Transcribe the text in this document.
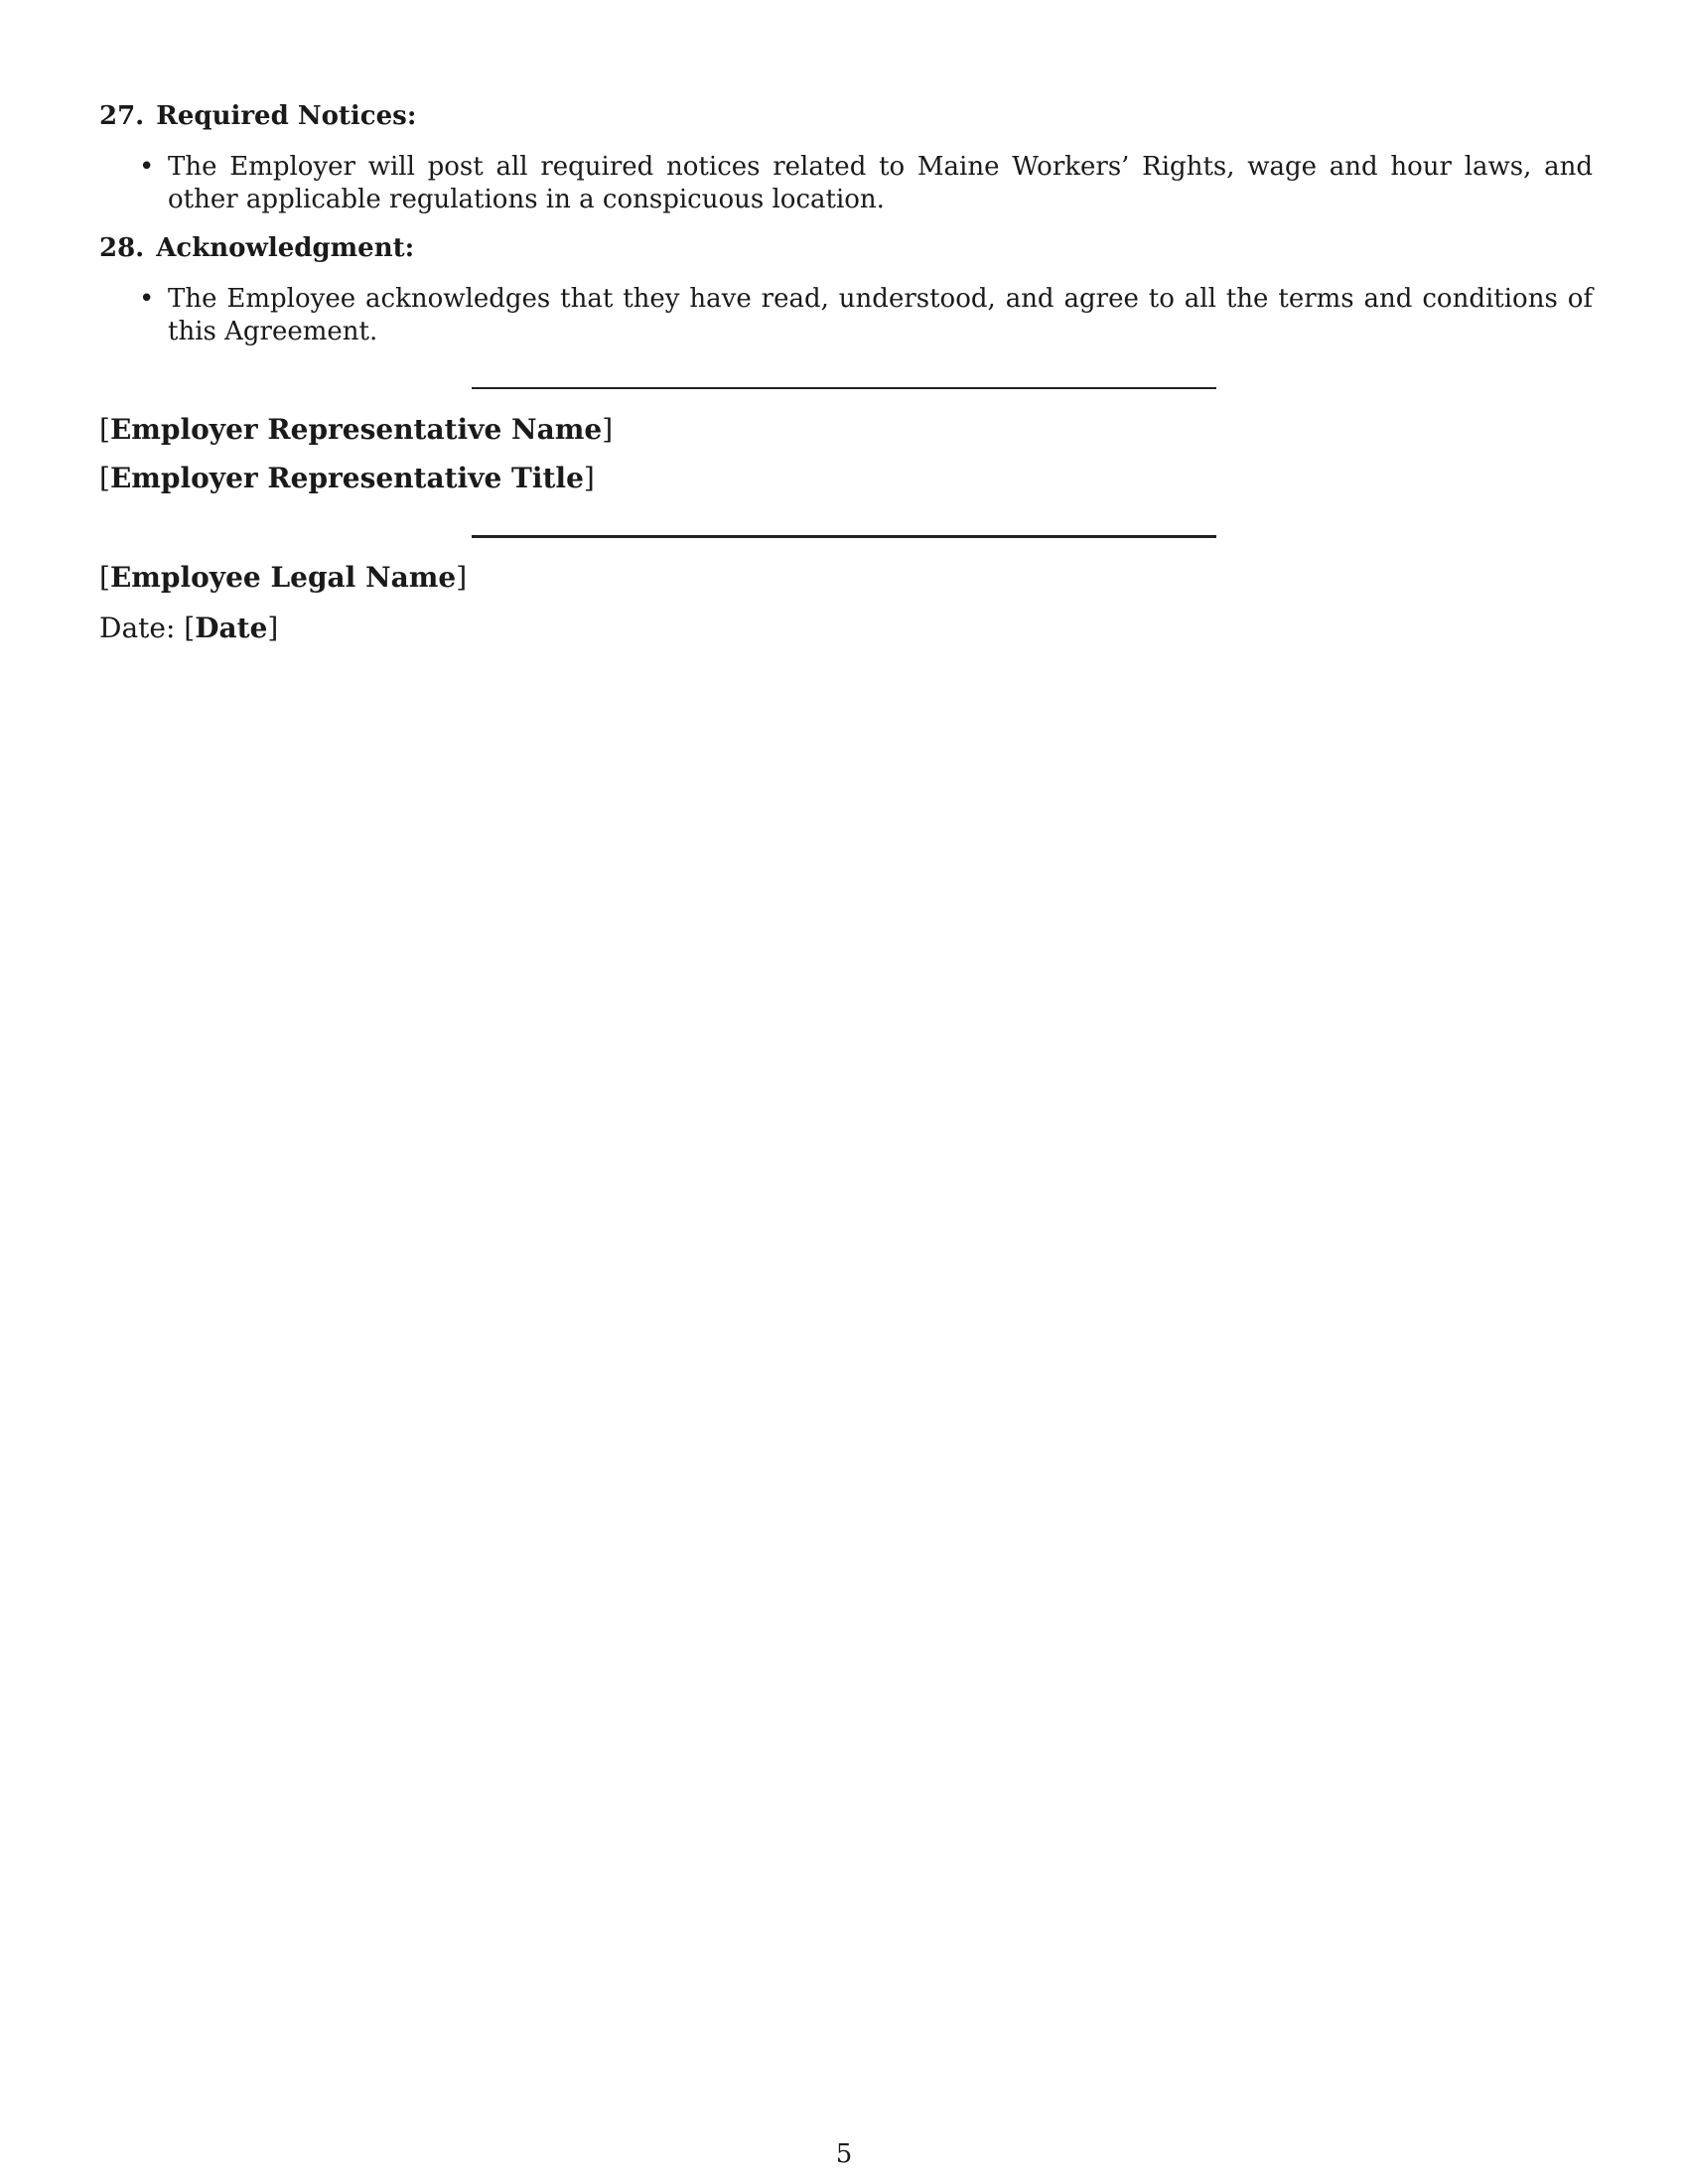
27. Required Notices:
• The Employer will post all required notices related to Maine Workers’ Rights, wage and hour laws, and other applicable regulations in a conspicuous location.
28. Acknowledgment:
• The Employee acknowledges that they have read, understood, and agree to all the terms and conditions of this Agreement.
[Employer Representative Name]
[Employer Representative Title]
[Employee Legal Name]
Date: [Date]
5
